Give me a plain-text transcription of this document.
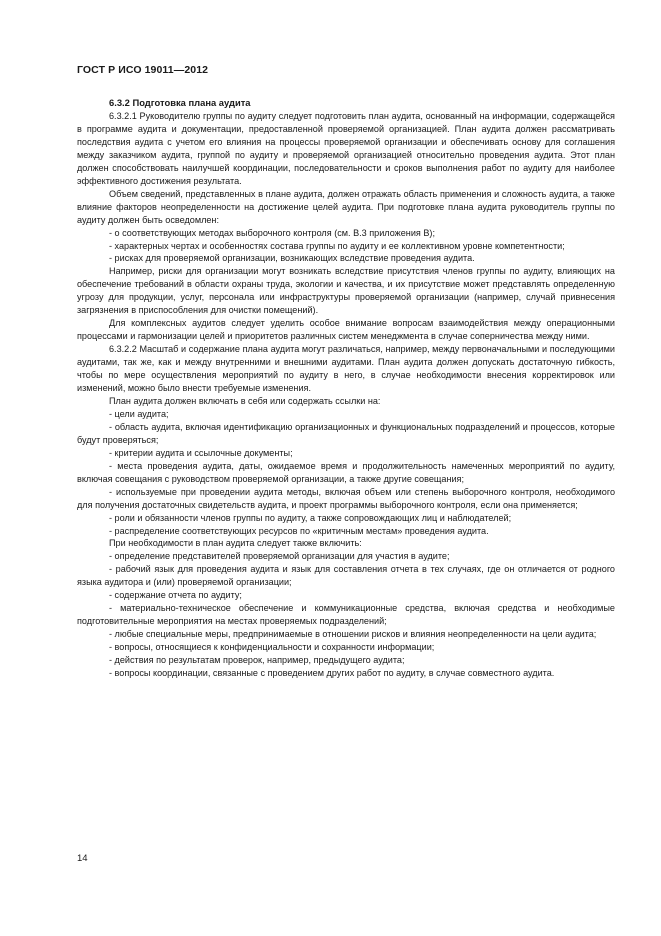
ГОСТ Р ИСО 19011—2012
6.3.2 Подготовка плана аудита

6.3.2.1 Руководителю группы по аудиту следует подготовить план аудита, основанный на информации, содержащейся в программе аудита и документации, предоставленной проверяемой организацией. План аудита должен рассматривать последствия аудита с учетом его влияния на процессы проверяемой организации и обеспечивать основу для соглашения между заказчиком аудита, группой по аудиту и проверяемой организацией относительно проведения аудита. Этот план должен способствовать наилучшей координации, последовательности и сроков выполнения работ по аудиту для наиболее эффективного достижения результата.

Объем сведений, представленных в плане аудита, должен отражать область применения и сложность аудита, а также влияние факторов неопределенности на достижение целей аудита. При подготовке плана аудита руководитель группы по аудиту должен быть осведомлен:

- о соответствующих методах выборочного контроля (см. В.3 приложения В);

- характерных чертах и особенностях состава группы по аудиту и ее коллективном уровне компетентности;

- рисках для проверяемой организации, возникающих вследствие проведения аудита.

Например, риски для организации могут возникать вследствие присутствия членов группы по аудиту, влияющих на обеспечение требований в области охраны труда, экологии и качества, и их присутствие может представлять определенную угрозу для продукции, услуг, персонала или инфраструктуры проверяемой организации (например, случай привнесения загрязнения в приспособления для очистки помещений).

Для комплексных аудитов следует уделить особое внимание вопросам взаимодействия между операционными процессами и гармонизации целей и приоритетов различных систем менеджмента в случае соперничества между ними.

6.3.2.2 Масштаб и содержание плана аудита могут различаться, например, между первоначальными и последующими аудитами, так же, как и между внутренними и внешними аудитами. План аудита должен допускать достаточную гибкость, чтобы по мере осуществления мероприятий по аудиту в него, в случае необходимости внесения корректировок или изменений, можно было внести требуемые изменения.

План аудита должен включать в себя или содержать ссылки на:

- цели аудита;

- область аудита, включая идентификацию организационных и функциональных подразделений и процессов, которые будут проверяться;

- критерии аудита и ссылочные документы;

- места проведения аудита, даты, ожидаемое время и продолжительность намеченных мероприятий по аудиту, включая совещания с руководством проверяемой организации, а также другие совещания;

- используемые при проведении аудита методы, включая объем или степень выборочного контроля, необходимого для получения достаточных свидетельств аудита, и проект программы выборочного контроля, если она применяется;

- роли и обязанности членов группы по аудиту, а также сопровождающих лиц и наблюдателей;

- распределение соответствующих ресурсов по «критичным местам» проведения аудита.

При необходимости в план аудита следует также включить:

- определение представителей проверяемой организации для участия в аудите;

- рабочий язык для проведения аудита и язык для составления отчета в тех случаях, где он отличается от родного языка аудитора и (или) проверяемой организации;

- содержание отчета по аудиту;

- материально-техническое обеспечение и коммуникационные средства, включая средства и необходимые подготовительные мероприятия на местах проверяемых подразделений;

- любые специальные меры, предпринимаемые в отношении рисков и влияния неопределенности на цели аудита;

- вопросы, относящиеся к конфиденциальности и сохранности информации;

- действия по результатам проверок, например, предыдущего аудита;

- вопросы координации, связанные с проведением других работ по аудиту, в случае совместного аудита.

14
